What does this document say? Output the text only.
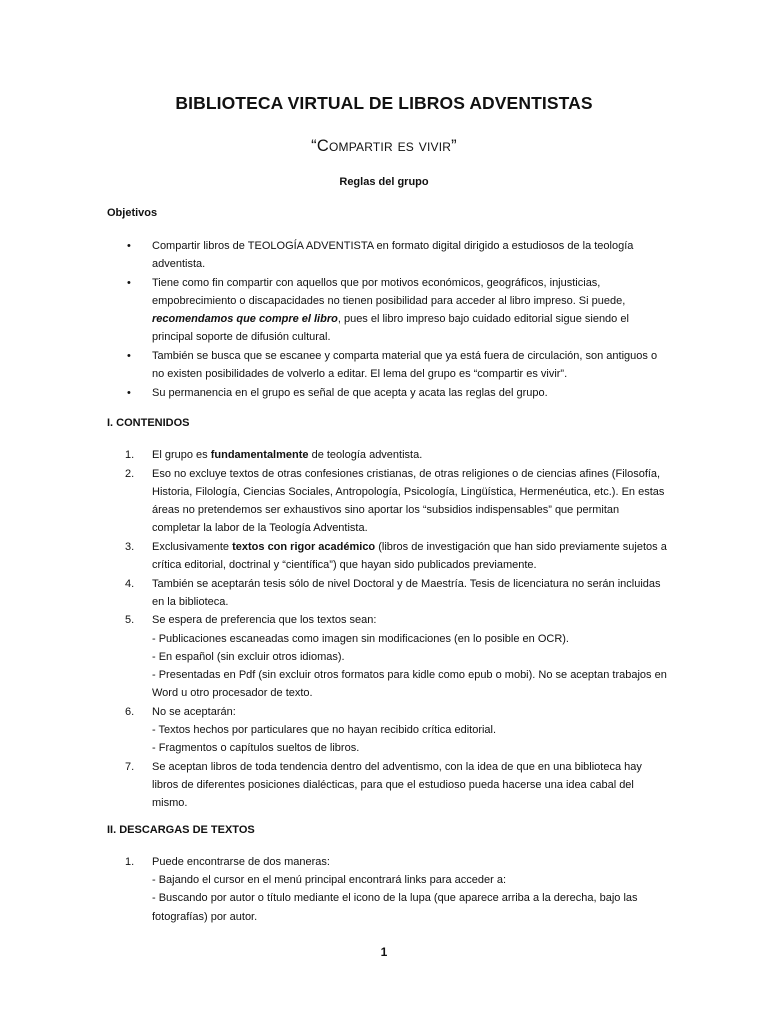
BIBLIOTECA VIRTUAL DE LIBROS ADVENTISTAS
“Compartir es vivir”
Reglas del grupo
Objetivos
• Compartir libros de TEOLOGÍA ADVENTISTA en formato digital dirigido a estudiosos de la teología adventista.

• Tiene como fin compartir con aquellos que por motivos económicos, geográficos, injusticias, empobrecimiento o discapacidades no tienen posibilidad para acceder al libro impreso. Si puede, recomendamos que compre el libro, pues el libro impreso bajo cuidado editorial sigue siendo el principal soporte de difusión cultural.

• También se busca que se escanee y comparta material que ya está fuera de circulación, son antiguos o no existen posibilidades de volverlo a editar. El lema del grupo es “compartir es vivir”.

• Su permanencia en el grupo es señal de que acepta y acata las reglas del grupo.

I. CONTENIDOS
1. El grupo es fundamentalmente de teología adventista.

2. Eso no excluye textos de otras confesiones cristianas, de otras religiones o de ciencias afines (Filosofía, Historia, Filología, Ciencias Sociales, Antropología, Psicología, Lingüística, Hermenéutica, etc.). En estas áreas no pretendemos ser exhaustivos sino aportar los “subsidios indispensables” que permitan completar la labor de la Teología Adventista.

3. Exclusivamente textos con rigor académico (libros de investigación que han sido previamente sujetos a crítica editorial, doctrinal y “científica”) que hayan sido publicados previamente.

4. También se aceptarán tesis sólo de nivel Doctoral y de Maestría. Tesis de licenciatura no serán incluidas en la biblioteca.

5. Se espera de preferencia que los textos sean:

- Publicaciones escaneadas como imagen sin modificaciones (en lo posible en OCR).

- En español (sin excluir otros idiomas).

- Presentadas en Pdf (sin excluir otros formatos para kidle como epub o mobi). No se aceptan trabajos en Word u otro procesador de texto.

6. No se aceptarán:

- Textos hechos por particulares que no hayan recibido crítica editorial.

- Fragmentos o capítulos sueltos de libros.

7. Se aceptan libros de toda tendencia dentro del adventismo, con la idea de que en una biblioteca hay libros de diferentes posiciones dialécticas, para que el estudioso pueda hacerse una idea cabal del mismo.

II. DESCARGAS DE TEXTOS
1. Puede encontrarse de dos maneras:

- Bajando el cursor en el menú principal encontrará links para acceder a:

- Buscando por autor o título mediante el icono de la lupa (que aparece arriba a la derecha, bajo las fotografías) por autor.

1
